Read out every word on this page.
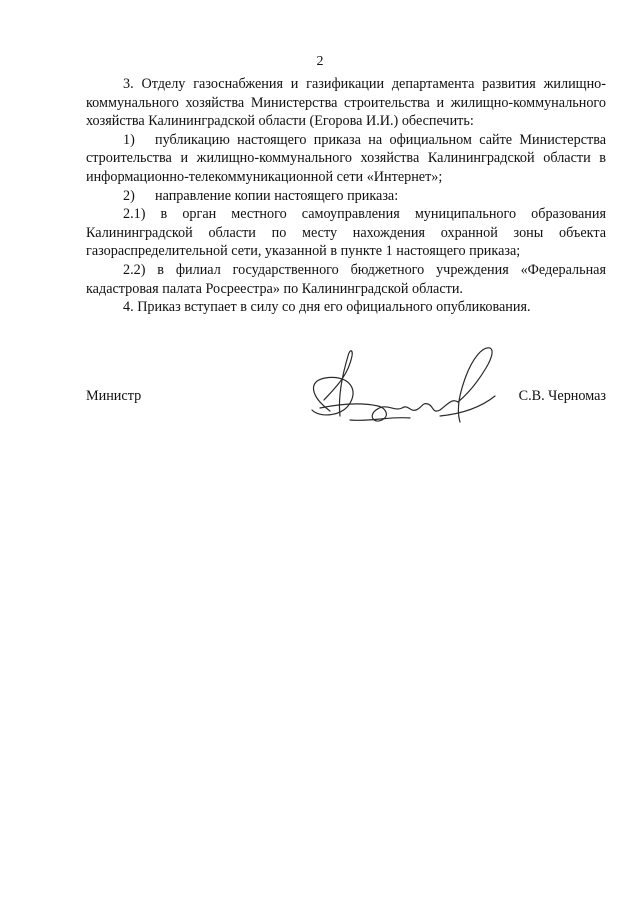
2

3. Отделу газоснабжения и газификации департамента развития жилищно-коммунального хозяйства Министерства строительства и жилищно-коммунального хозяйства Калининградской области (Егорова И.И.) обеспечить:

1) публикацию настоящего приказа на официальном сайте Министерства строительства и жилищно-коммунального хозяйства Калининградской области в информационно-телекоммуникационной сети «Интернет»;

2) направление копии настоящего приказа:

2.1) в орган местного самоуправления муниципального образования Калининградской области по месту нахождения охранной зоны объекта газораспределительной сети, указанной в пункте 1 настоящего приказа;

2.2) в филиал государственного бюджетного учреждения «Федеральная кадастровая палата Росреестра» по Калининградской области.

4. Приказ вступает в силу со дня его официального опубликования.

Министр	С.В. Черномаз
